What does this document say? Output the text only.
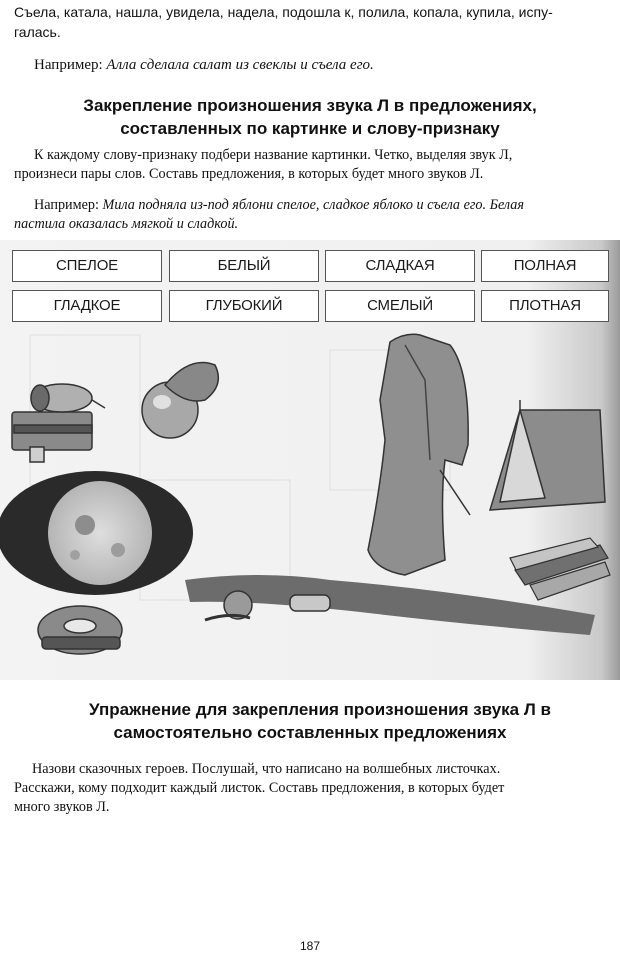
Съела, катала, нашла, увидела, надела, подошла к, полила, копала, купила, испу-
галась.
Например: Алла сделала салат из свеклы и съела его.
Закрепление произношения звука Л в предложениях,
составленных по картинке и слову-признаку
К каждому слову-признаку подбери название картинки. Четко, выделяя звук Л,
произнеси пары слов. Составь предложения, в которых будет много звуков Л.
Например: Мила подняла из-под яблони спелое, сладкое яблоко и съела его. Белая
пастила оказалась мягкой и сладкой.
СПЕЛОЕ	БЕЛЫЙ	СЛАДКАЯ	ПОЛНАЯ
ГЛАДКОЕ	ГЛУБОКИЙ	СМЕЛЫЙ	ПЛОТНАЯ
Упражнение для закрепления произношения звука Л в
самостоятельно составленных предложениях
Назови сказочных героев. Послушай, что написано на волшебных листочках.
Расскажи, кому подходит каждый листок. Составь предложения, в которых будет
много звуков Л.
187
